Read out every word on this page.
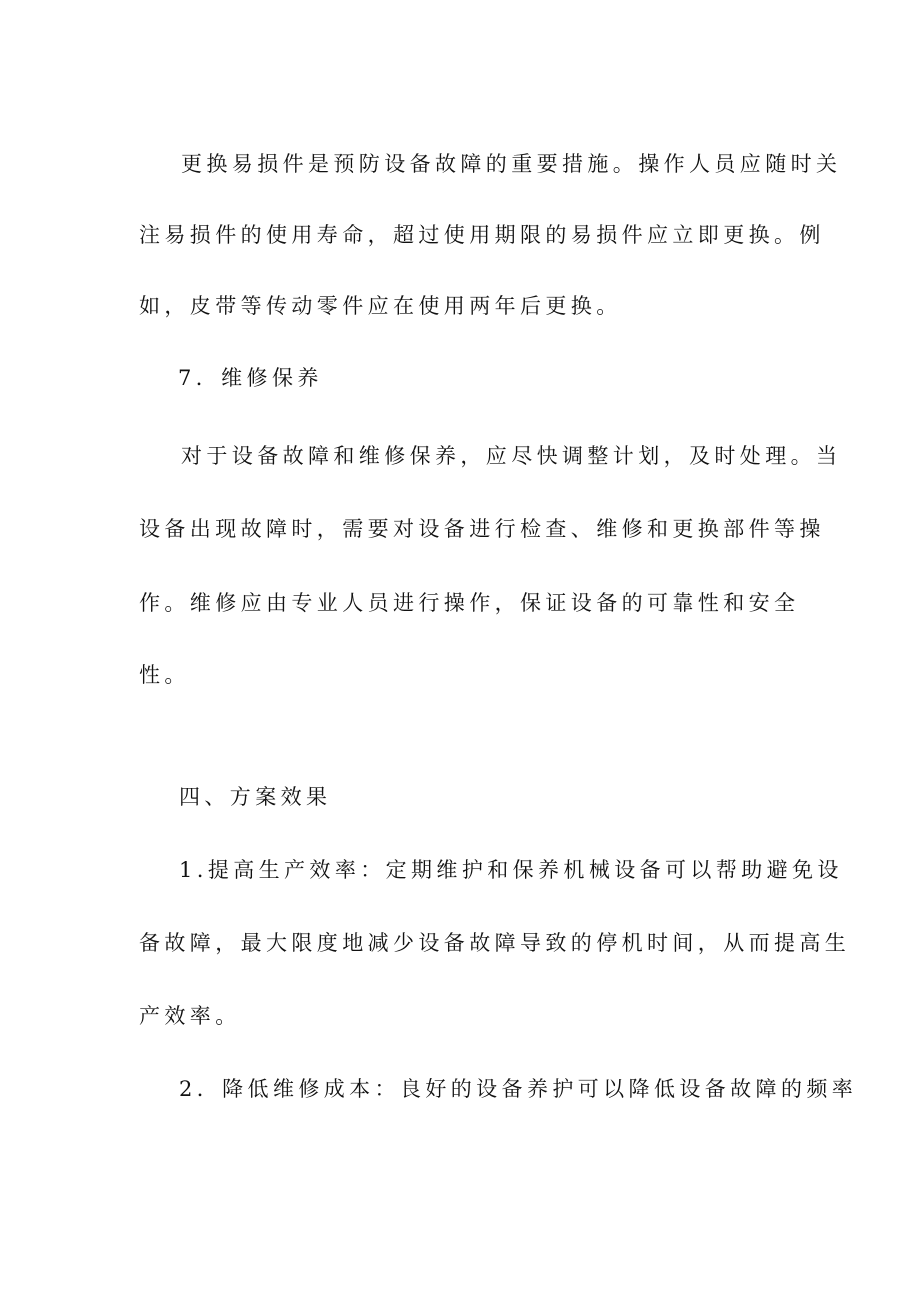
更换易损件是预防设备故障的重要措施。操作人员应随时关
注易损件的使用寿命，超过使用期限的易损件应立即更换。例
如，皮带等传动零件应在使用两年后更换。
7．维修保养
对于设备故障和维修保养，应尽快调整计划，及时处理。当
设备出现故障时，需要对设备进行检查、维修和更换部件等操
作。维修应由专业人员进行操作，保证设备的可靠性和安全
性。
四、方案效果
1.提高生产效率：定期维护和保养机械设备可以帮助避免设
备故障，最大限度地减少设备故障导致的停机时间，从而提高生
产效率。
2．降低维修成本：良好的设备养护可以降低设备故障的频率
